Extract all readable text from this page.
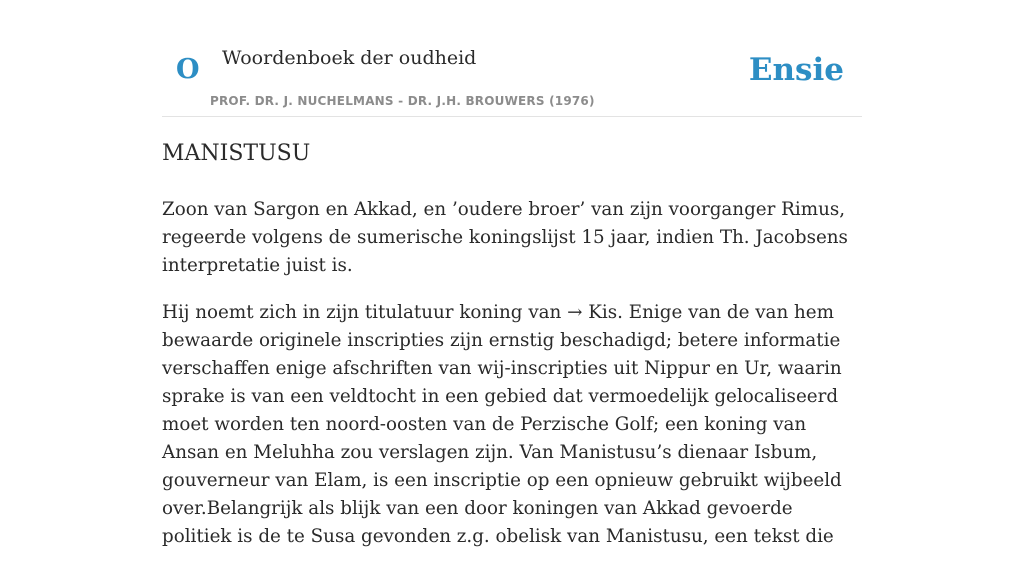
O Woordenboek der oudheid
PROF. DR. J. NUCHELMANS - DR. J.H. BROUWERS (1976)
Ensie
MANISTUSU

Zoon van Sargon en Akkad, en ’oudere broer’ van zijn voorganger Rimus, regeerde volgens de sumerische koningslijst 15 jaar, indien Th. Jacobsens interpretatie juist is.

Hij noemt zich in zijn titulatuur koning van → Kis. Enige van de van hem bewaarde originele inscripties zijn ernstig beschadigd; betere informatie verschaffen enige afschriften van wij-inscripties uit Nippur en Ur, waarin sprake is van een veldtocht in een gebied dat vermoedelijk gelocaliseerd moet worden ten noord-oosten van de Perzische Golf; een koning van Ansan en Meluhha zou verslagen zijn. Van Manistusu’s dienaar Isbum, gouverneur van Elam, is een inscriptie op een opnieuw gebruikt wijbeeld over.Belangrijk als blijk van een door koningen van Akkad gevoerde politiek is de te Susa gevonden z.g. obelisk van Manistusu, een tekst die
